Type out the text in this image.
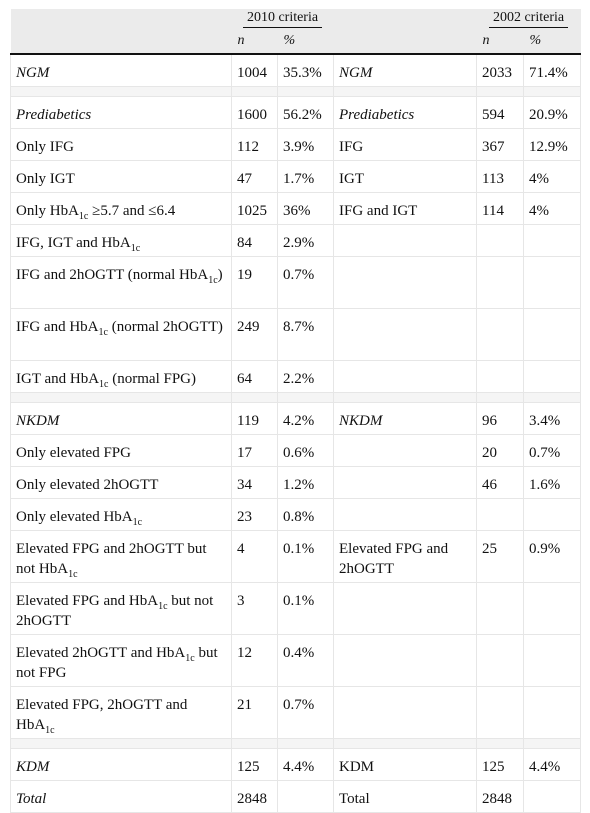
	2010 criteria			2002 criteria	
	n	%		n	%
NGM	1004	35.3%	NGM	2033	71.4%

Prediabetics	1600	56.2%	Prediabetics	594	20.9%
Only IFG	112	3.9%	IFG	367	12.9%
Only IGT	47	1.7%	IGT	113	4%
Only HbA$_{1c}$ ≥5.7 and ≤6.4	1025	36%	IFG and IGT	114	4%
IFG, IGT and HbA$_{1c}$	84	2.9%			
IFG and 2hOGTT (normal HbA$_{1c}$)	19	0.7%			
IFG and HbA$_{1c}$ (normal 2hOGTT)	249	8.7%			
IGT and HbA$_{1c}$ (normal FPG)	64	2.2%			

NKDM	119	4.2%	NKDM	96	3.4%
Only elevated FPG	17	0.6%		20	0.7%
Only elevated 2hOGTT	34	1.2%		46	1.6%
Only elevated HbA$_{1c}$	23	0.8%			
Elevated FPG and 2hOGTT but not HbA$_{1c}$	4	0.1%	Elevated FPG and 2hOGTT	25	0.9%
Elevated FPG and HbA$_{1c}$ but not 2hOGTT	3	0.1%			
Elevated 2hOGTT and HbA$_{1c}$ but not FPG	12	0.4%			
Elevated FPG, 2hOGTT and HbA$_{1c}$	21	0.7%			

KDM	125	4.4%	KDM	125	4.4%
Total	2848		Total	2848	
